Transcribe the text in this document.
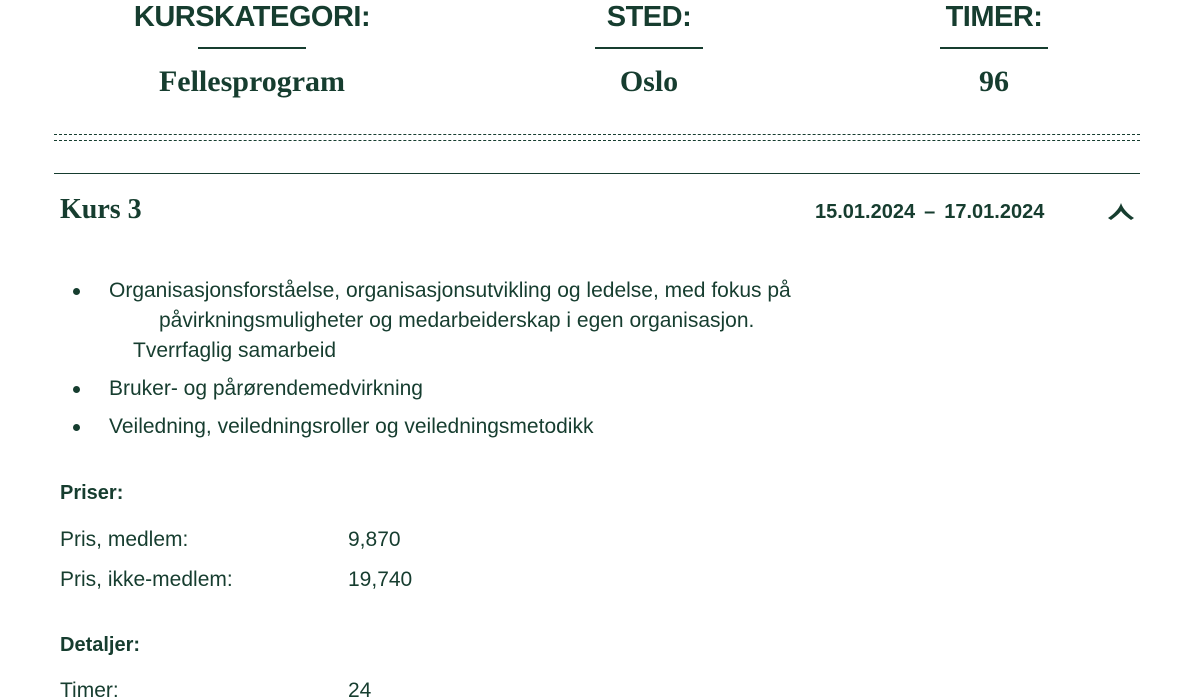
KURSKATEGORI:
Fellesprogram
STED:
Oslo
TIMER:
96
Kurs 3	15.01.2024 – 17.01.2024
Organisasjonsforståelse, organisasjonsutvikling og ledelse, med fokus på
påvirkningsmuligheter og medarbeiderskap i egen organisasjon.
Tverrfaglig samarbeid
Bruker- og pårørendemedvirkning
Veiledning, veiledningsroller og veiledningsmetodikk
Priser:
Pris, medlem:	9,870
Pris, ikke-medlem:	19,740
Detaljer:
Timer:	24
